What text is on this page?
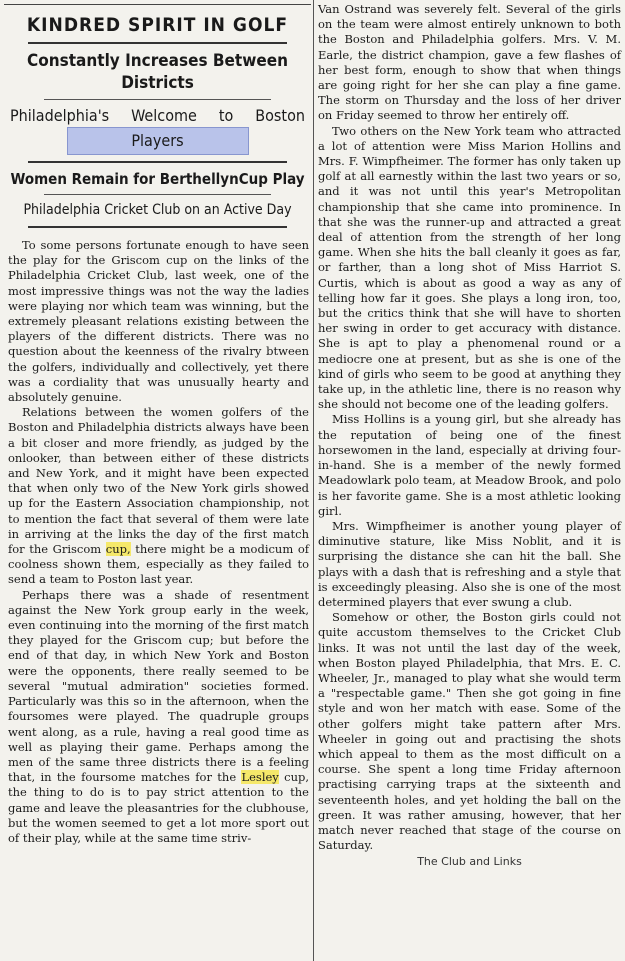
KINDRED SPIRIT IN GOLF
Constantly Increases Between Districts
Philadelphia's Welcome to Boston
Players
Women Remain for BerthellynCup Play
Philadelphia Cricket Club on an Active Day

To some persons fortunate enough to have seen the play for the Griscom cup on the links of the Philadelphia Cricket Club, last week, one of the most impressive things was not the way the ladies were playing nor which team was winning, but the extremely pleasant relations existing between the players of the different districts. There was no question about the keenness of the rivalry btween the golfers, individually and collectively, yet there was a cordiality that was unusually hearty and absolutely genuine.

Relations between the women golfers of the Boston and Philadelphia districts always have been a bit closer and more friendly, as judged by the onlooker, than between either of these districts and New York, and it might have been expected that when only two of the New York girls showed up for the Eastern Association championship, not to mention the fact that several of them were late in arriving at the links the day of the first match for the Griscom cup, there might be a modicum of coolness shown them, especially as they failed to send a team to Poston last year.

Perhaps there was a shade of resentment against the New York group early in the week, even continuing into the morning of the first match they played for the Griscom cup; but before the end of that day, in which New York and Boston were the opponents, there really seemed to be several "mutual admiration" societies formed. Particularly was this so in the afternoon, when the foursomes were played. The quadruple groups went along, as a rule, having a real good time as well as playing their game. Perhaps among the men of the same three districts there is a feeling that, in the foursome matches for the Lesley cup, the thing to do is to pay strict attention to the game and leave the pleasantries for the clubhouse, but the women seemed to get a lot more sport out of their play, while at the same time striv-

Van Ostrand was severely felt. Several of the girls on the team were almost entirely unknown to both the Boston and Philadelphia golfers. Mrs. V. M. Earle, the district champion, gave a few flashes of her best form, enough to show that when things are going right for her she can play a fine game. The storm on Thursday and the loss of her driver on Friday seemed to throw her entirely off.

Two others on the New York team who attracted a lot of attention were Miss Marion Hollins and Mrs. F. Wimpfheimer. The former has only taken up golf at all earnestly within the last two years or so, and it was not until this year's Metropolitan championship that she came into prominence. In that she was the runner-up and attracted a great deal of attention from the strength of her long game. When she hits the ball cleanly it goes as far, or farther, than a long shot of Miss Harriot S. Curtis, which is about as good a way as any of telling how far it goes. She plays a long iron, too, but the critics think that she will have to shorten her swing in order to get accuracy with distance. She is apt to play a phenomenal round or a mediocre one at present, but as she is one of the kind of girls who seem to be good at anything they take up, in the athletic line, there is no reason why she should not become one of the leading golfers.

Miss Hollins is a young girl, but she already has the reputation of being one of the finest horsewomen in the land, especially at driving four-in-hand. She is a member of the newly formed Meadowlark polo team, at Meadow Brook, and polo is her favorite game. She is a most athletic looking girl.

Mrs. Wimpfheimer is another young player of diminutive stature, like Miss Noblit, and it is surprising the distance she can hit the ball. She plays with a dash that is refreshing and a style that is exceedingly pleasing. Also she is one of the most determined players that ever swung a club.

Somehow or other, the Boston girls could not quite accustom themselves to the Cricket Club links. It was not until the last day of the week, when Boston played Philadelphia, that Mrs. E. C. Wheeler, Jr., managed to play what she would term a "respectable game." Then she got going in fine style and won her match with ease. Some of the other golfers might take pattern after Mrs. Wheeler in going out and practising the shots which appeal to them as the most difficult on a course. She spent a long time Friday afternoon practising carrying traps at the sixteenth and seventeenth holes, and yet holding the ball on the green. It was rather amusing, however, that her match never reached that stage of the course on Saturday.

The Club and Links
